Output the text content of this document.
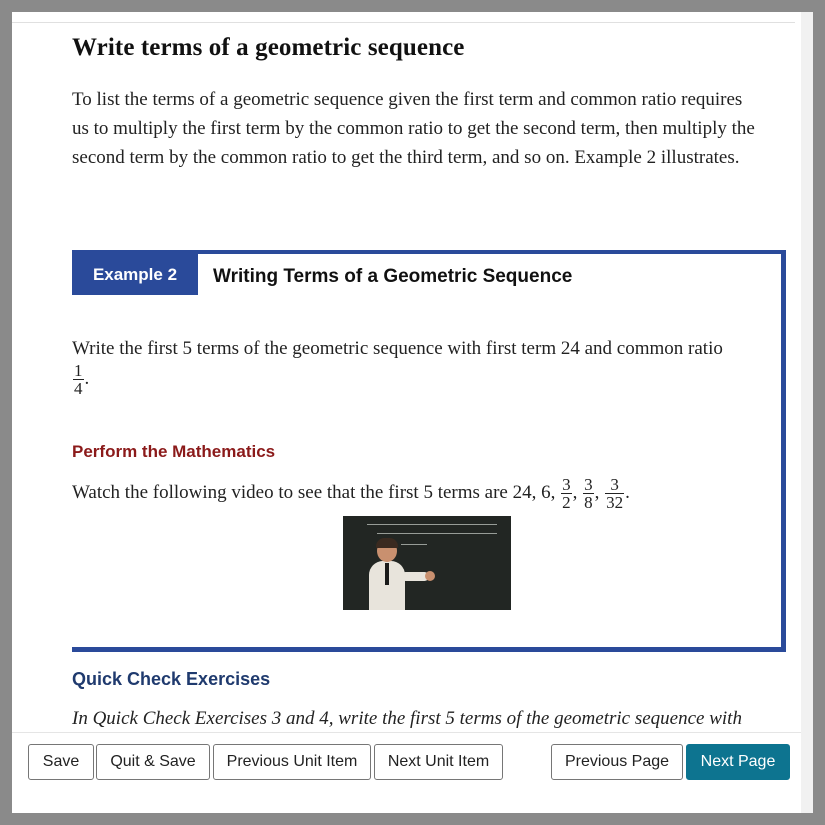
Write terms of a geometric sequence
To list the terms of a geometric sequence given the first term and common ratio requires
us to multiply the first term by the common ratio to get the second term, then multiply the
second term by the common ratio to get the third term, and so on. Example 2 illustrates.
Example 2	Writing Terms of a Geometric Sequence
Write the first 5 terms of the geometric sequence with first term 24 and common ratio

$\frac{1}{4}$ .
Perform the Mathematics
Watch the following video to see that the first 5 terms are 24, 6, $\frac{3}{2}$ , $\frac{3}{8}$ , $\frac{3}{32}$ .
Quick Check Exercises
In Quick Check Exercises 3 and 4, write the first 5 terms of the geometric sequence with
Save	Quit & Save	Previous Unit Item	Next Unit Item	Previous Page	Next Page
